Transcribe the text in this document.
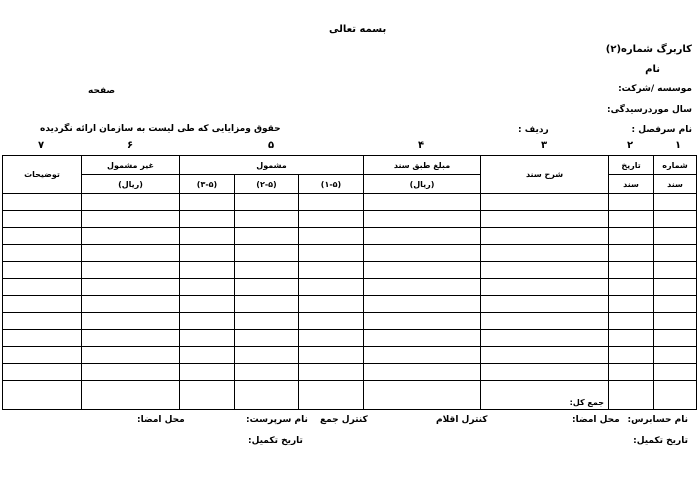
بسمه تعالی
کاربرگ شماره(۲)
نام
موسسه /شرکت:
صفحه
سال موردرسیدگی:
نام سرفصل :
ردیف :
حقوق ومزایایی که طی لیست به سازمان ارائه نگردیده
۱
۲
۳
۴
۵
۶
۷
توضیحات	غیر مشمول	مشمول			مبلغ طبق سند	شرح سند	تاریخ	شماره
	(ریال)	(۳-۵)	(۲-۵)	(۱-۵)	(ریال)		سند	سند

						جمع کل:		
نام حسابرس:
محل امضا:
کنترل اقلام
کنترل جمع
نام سرپرست:
محل امضا:
تاریخ تکمیل:
تاریخ تکمیل:
